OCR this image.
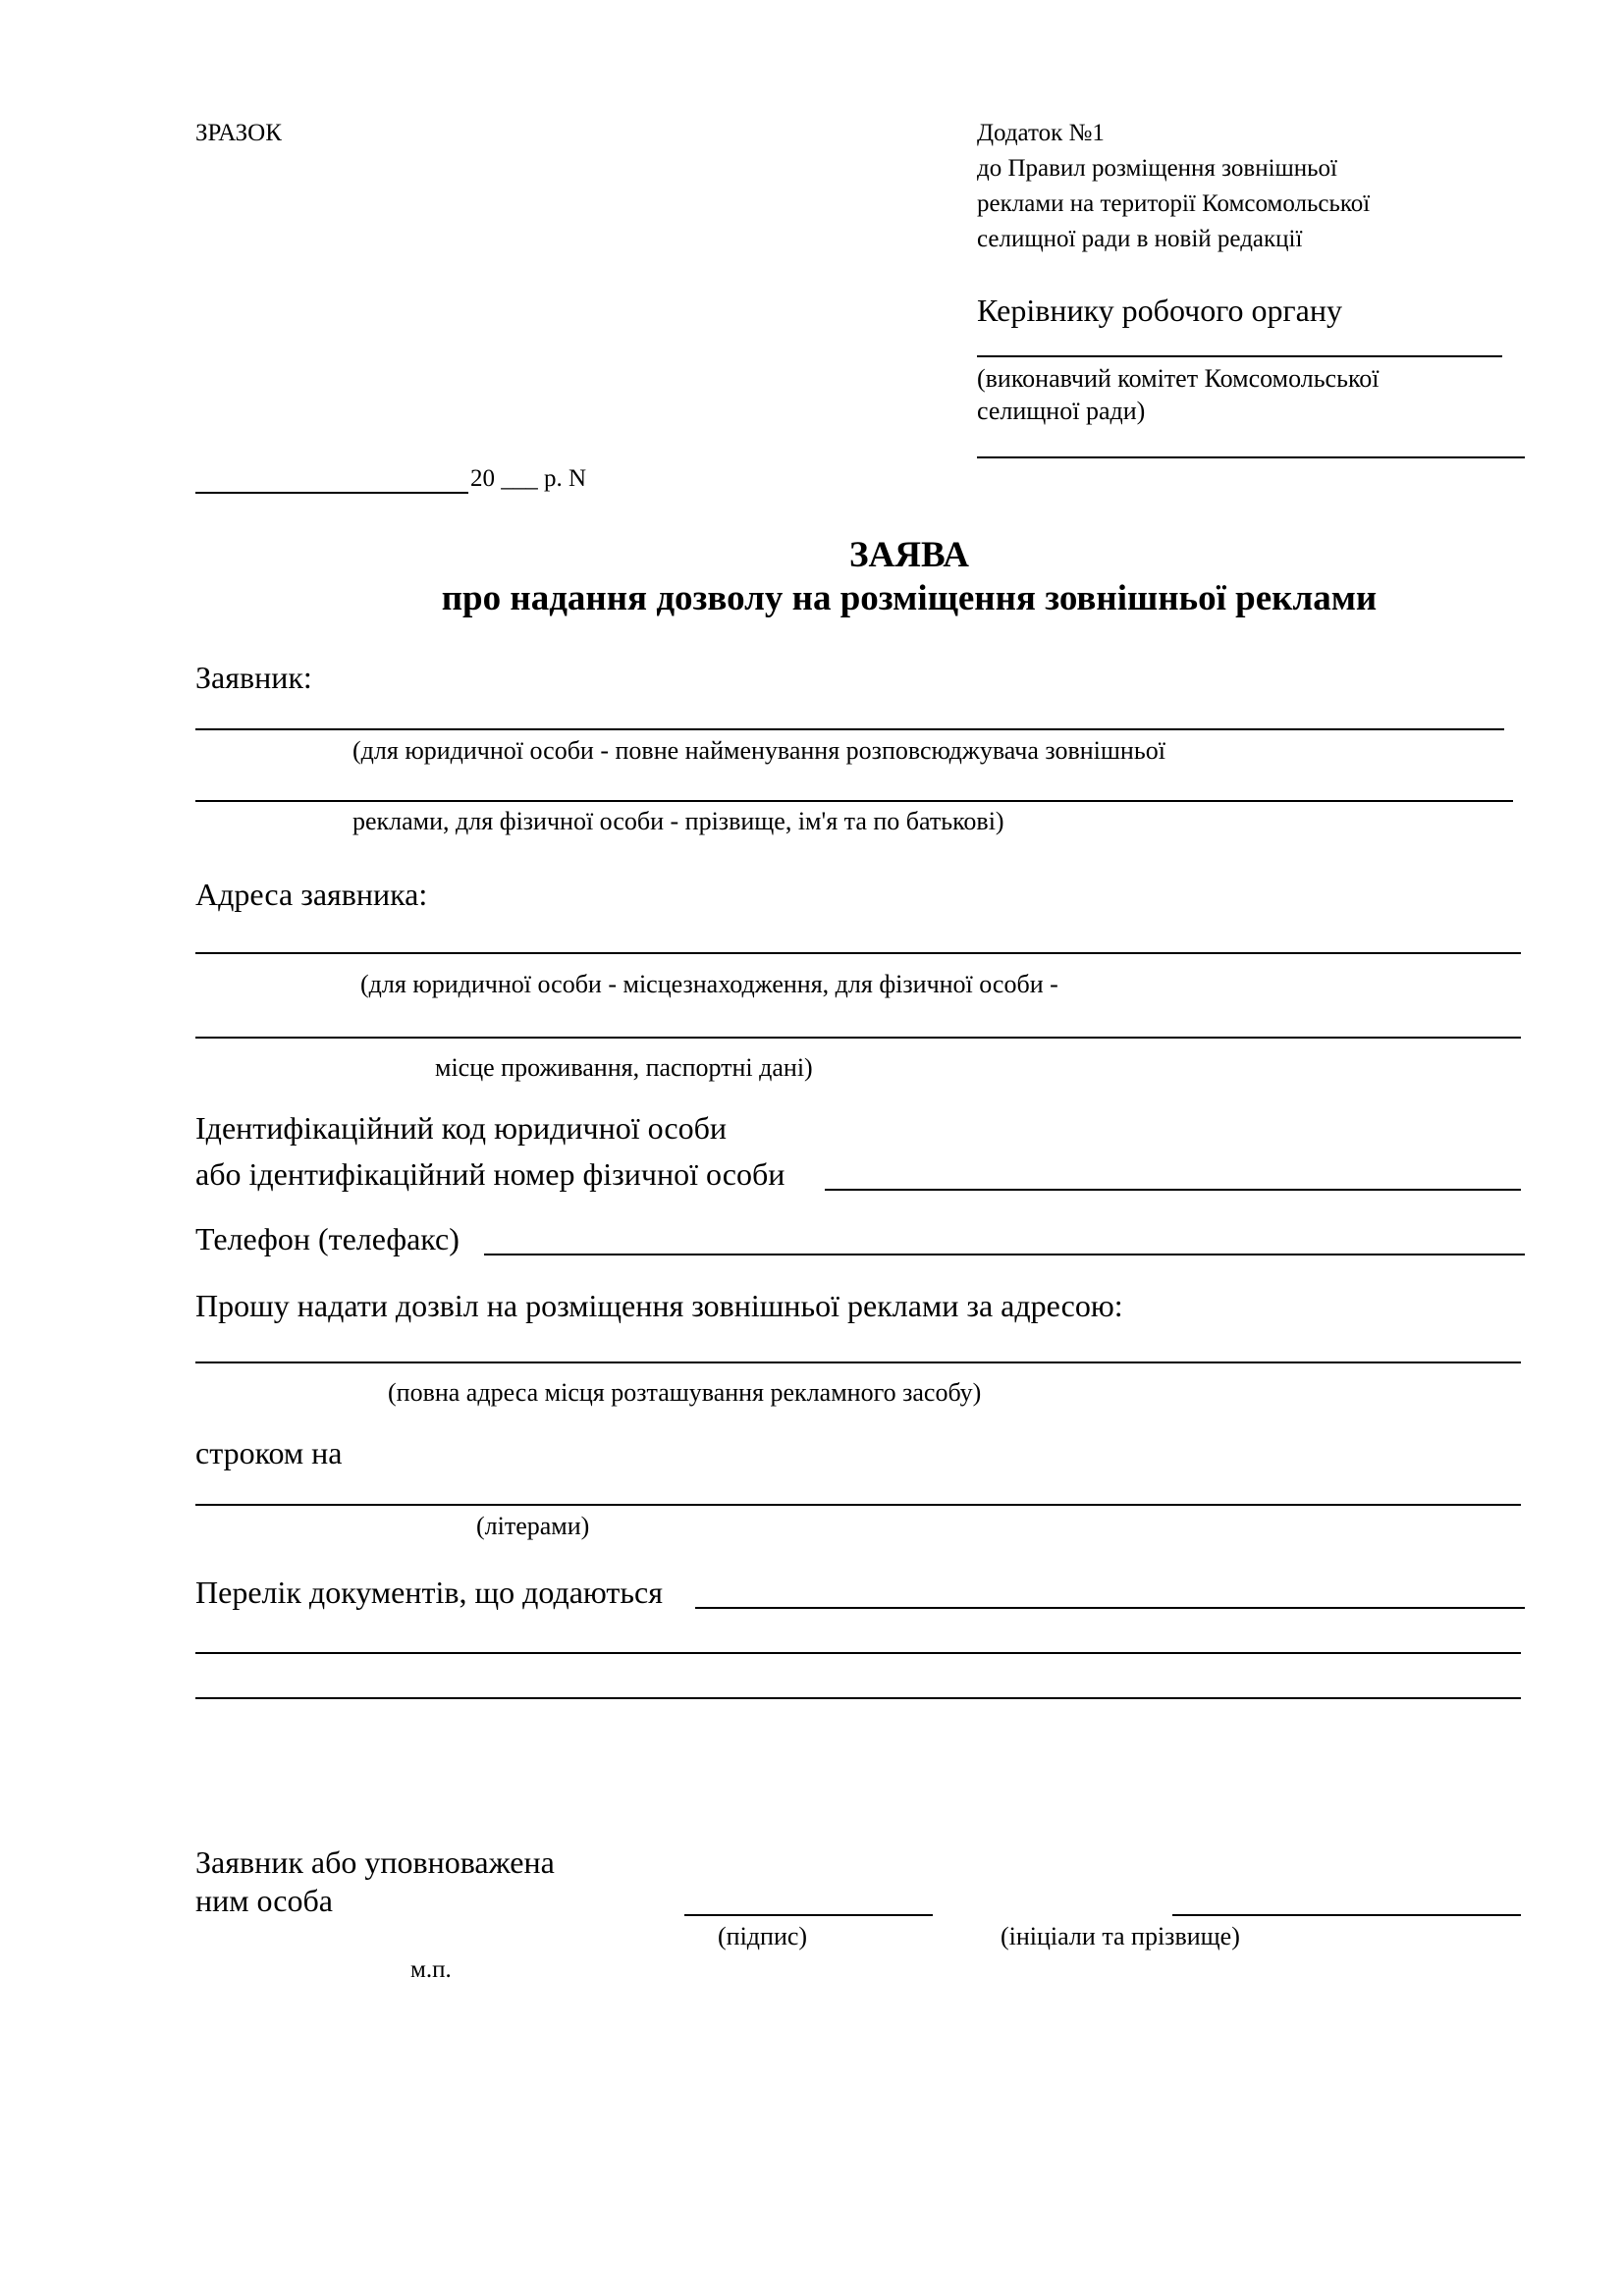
ЗРАЗОК	Додаток №1
до Правил розміщення зовнішньої
реклами на території Комсомольської
селищної ради в новій редакції
Керівнику робочого органу
(виконавчий комітет Комсомольської
селищної ради)
20 ___ р. N
ЗАЯВА
про надання дозволу на розміщення зовнішньої реклами
Заявник:
(для юридичної особи - повне найменування розповсюджувача зовнішньої
реклами, для фізичної особи - прізвище, ім'я та по батькові)
Адреса заявника:
(для юридичної особи - місцезнаходження, для фізичної особи -
місце проживання, паспортні дані)
Ідентифікаційний код юридичної особи
або ідентифікаційний номер фізичної особи
Телефон (телефакс)
Прошу надати дозвіл на розміщення зовнішньої реклами за адресою:
(повна адреса місця розташування рекламного засобу)
строком на
(літерами)
Перелік документів, що додаються
Заявник або уповноважена
ним особа
(підпис)	(ініціали та прізвище)
м.п.
